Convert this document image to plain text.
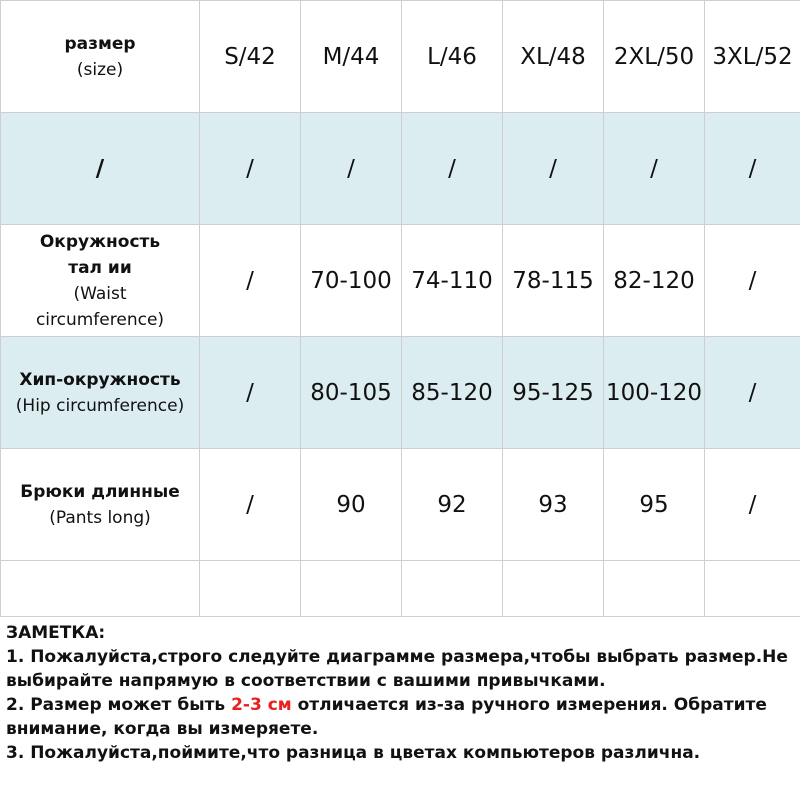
размер
(size)	S/42	M/44	L/46	XL/48	2XL/50	3XL/52
/	/	/	/	/	/	/

Окружность тал ии
(Waist circumference)	/	70-100	74-110	78-115	82-120	/

Хип-окружность
(Hip circumference)	/	80-105	85-120	95-125	100-120	/

Брюки длинные
(Pants long)	/	90	92	93	95	/

ЗАМЕТКА:

1. Пожалуйста,строго следуйте диаграмме размера,чтобы выбрать размер.Не выбирайте напрямую в соответствии с вашими привычками.

2. Размер может быть 2-3 см отличается из-за ручного измерения. Обратите внимание, когда вы измеряете.

3. Пожалуйста,поймите,что разница в цветах компьютеров различна.
